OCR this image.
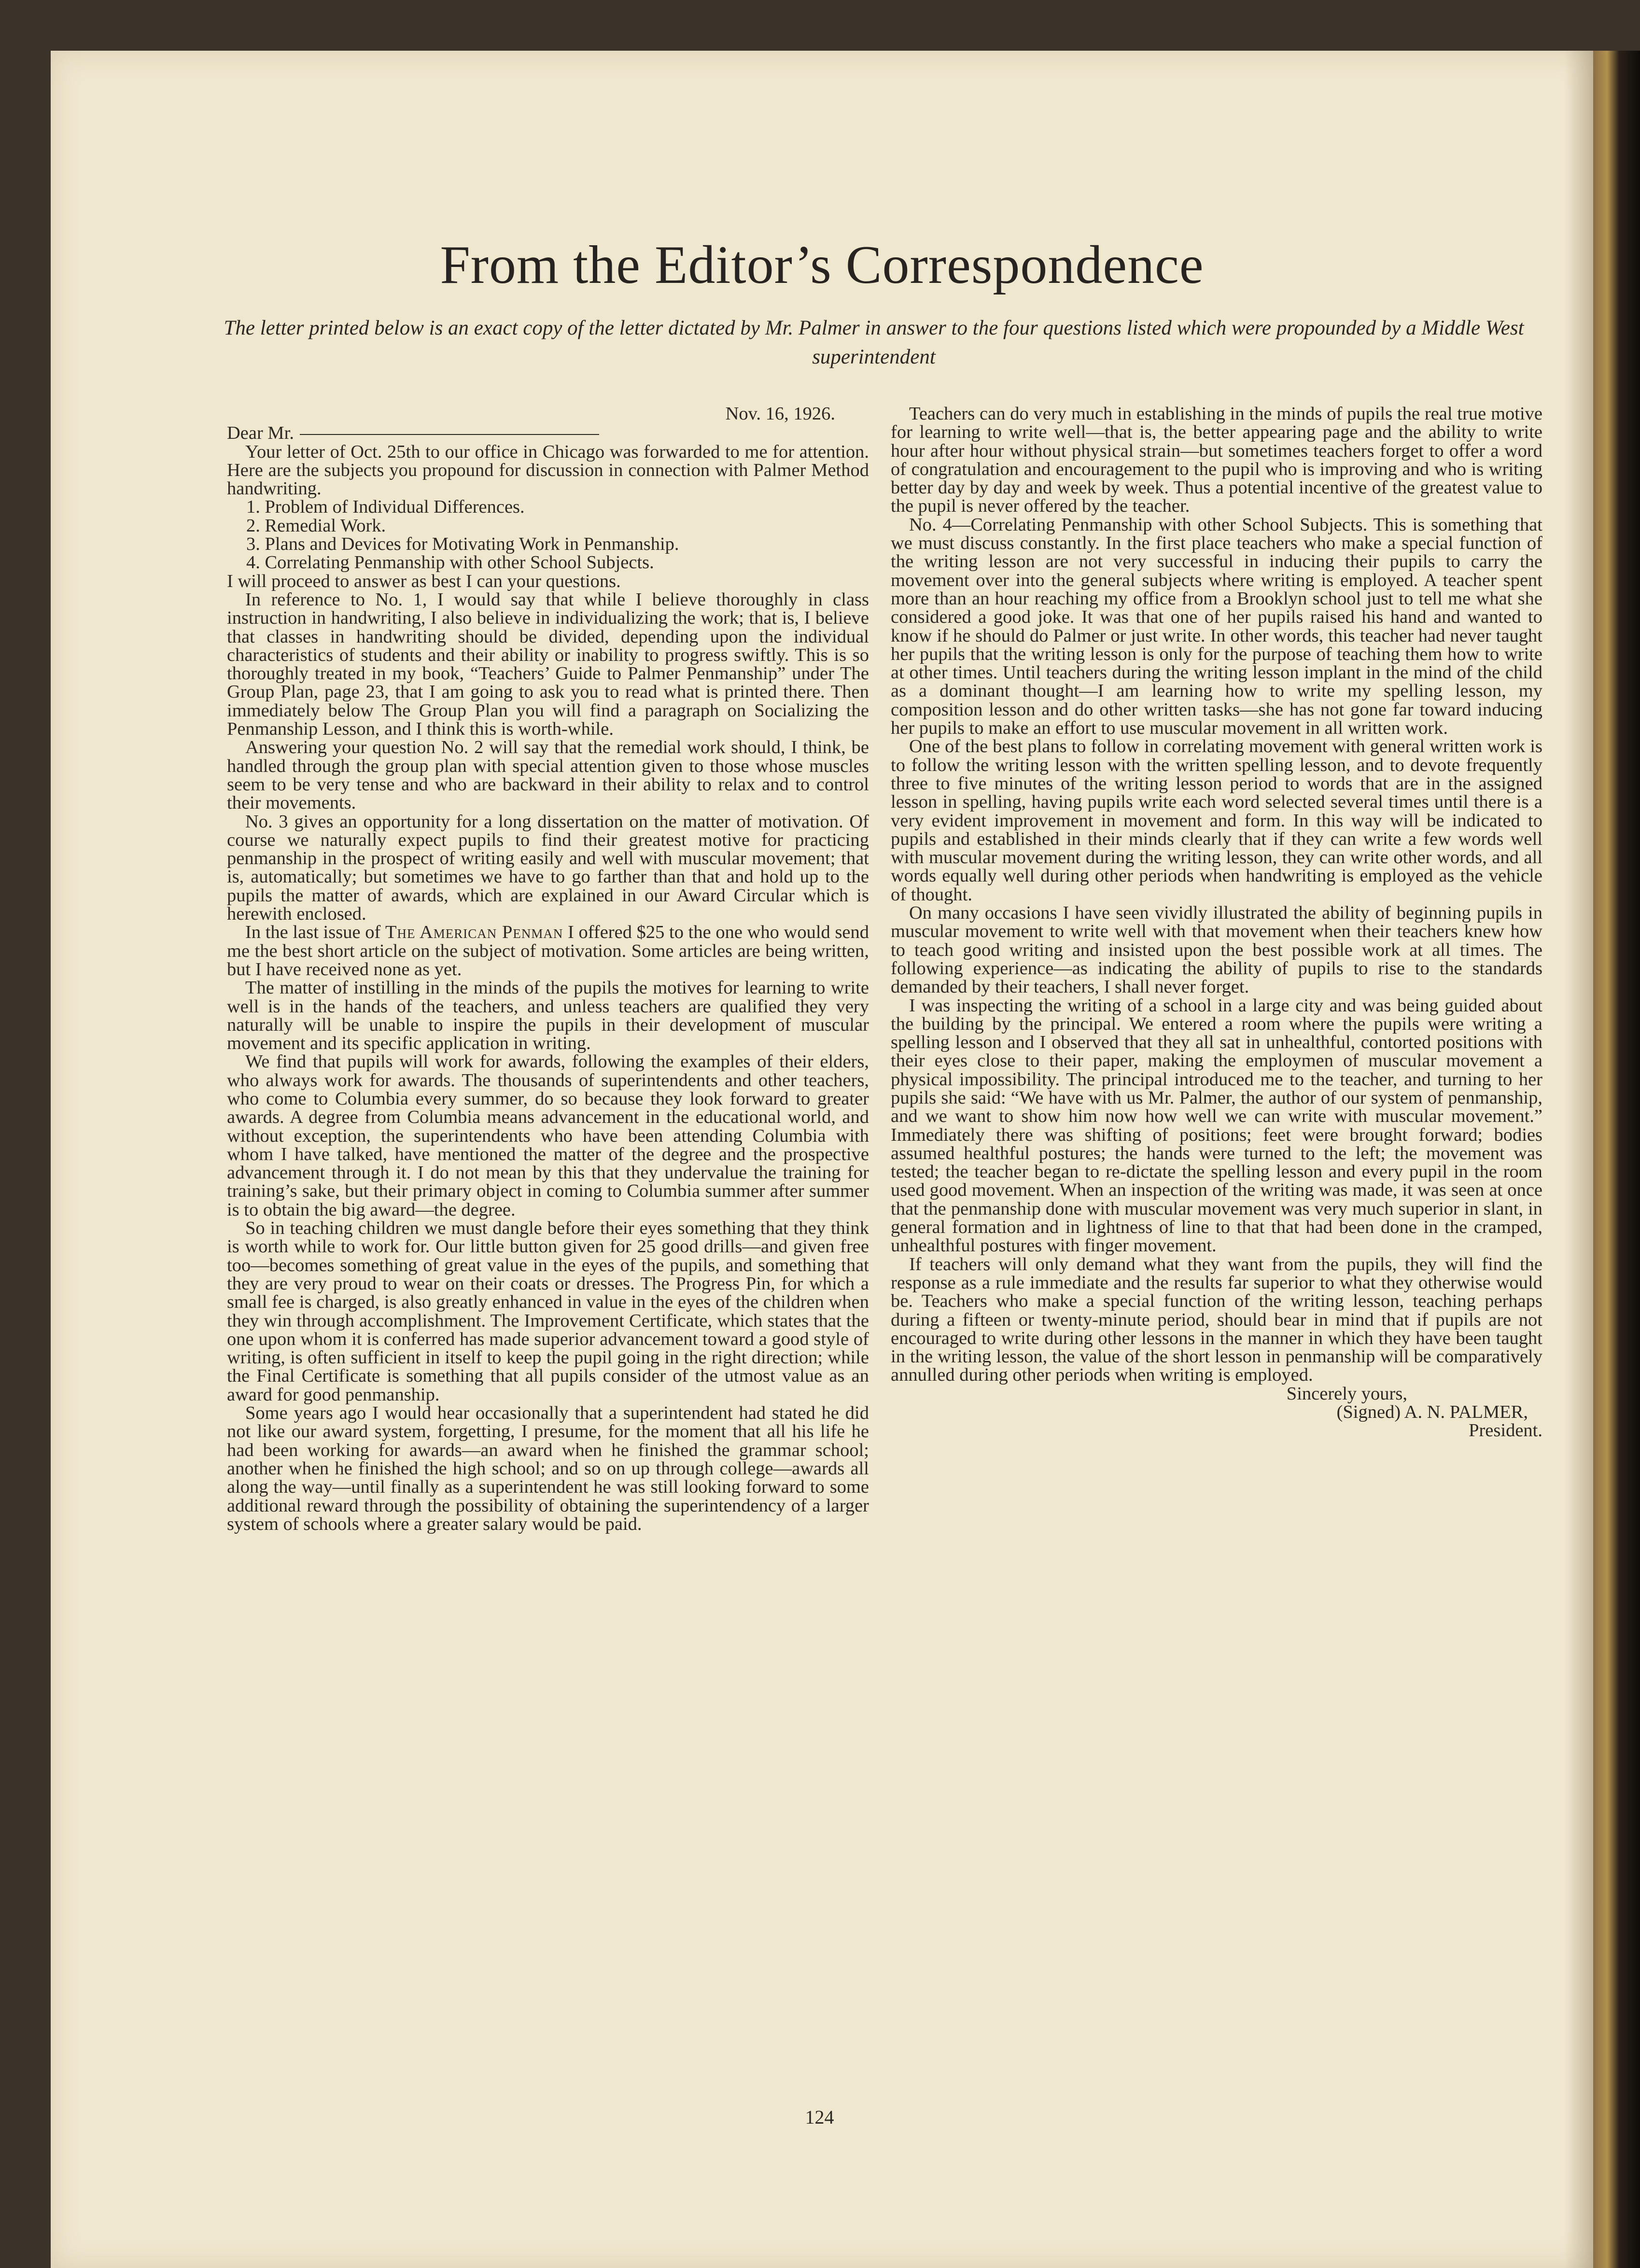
From the Editor’s Correspondence

The letter printed below is an exact copy of the letter dictated by Mr. Palmer in answer to the four questions listed which were propounded by a Middle West superintendent

Nov. 16, 1926.

Dear Mr.

Your letter of Oct. 25th to our office in Chicago was forwarded to me for attention. Here are the subjects you propound for discussion in connection with Palmer Method handwriting.

1. Problem of Individual Differences.

2. Remedial Work.

3. Plans and Devices for Motivating Work in Penmanship.

4. Correlating Penmanship with other School Subjects.

I will proceed to answer as best I can your questions.

In reference to No. 1, I would say that while I believe thoroughly in class instruction in handwriting, I also believe in individualizing the work; that is, I believe that classes in handwriting should be divided, depending upon the individual characteristics of students and their ability or inability to progress swiftly. This is so thoroughly treated in my book, “Teachers’ Guide to Palmer Penmanship” under The Group Plan, page 23, that I am going to ask you to read what is printed there. Then immediately below The Group Plan you will find a paragraph on Socializing the Penmanship Lesson, and I think this is worth-while.

Answering your question No. 2 will say that the remedial work should, I think, be handled through the group plan with special attention given to those whose muscles seem to be very tense and who are backward in their ability to relax and to control their movements.

No. 3 gives an opportunity for a long dissertation on the matter of motivation. Of course we naturally expect pupils to find their greatest motive for practicing penmanship in the prospect of writing easily and well with muscular movement; that is, automatically; but sometimes we have to go farther than that and hold up to the pupils the matter of awards, which are explained in our Award Circular which is herewith enclosed.

In the last issue of The American Penman I offered $25 to the one who would send me the best short article on the subject of motivation. Some articles are being written, but I have received none as yet.

The matter of instilling in the minds of the pupils the motives for learning to write well is in the hands of the teachers, and unless teachers are qualified they very naturally will be unable to inspire the pupils in their development of muscular movement and its specific application in writing.

We find that pupils will work for awards, following the examples of their elders, who always work for awards. The thousands of superintendents and other teachers, who come to Columbia every summer, do so because they look forward to greater awards. A degree from Columbia means advancement in the educational world, and without exception, the superintendents who have been attending Columbia with whom I have talked, have mentioned the matter of the degree and the prospective advancement through it. I do not mean by this that they undervalue the training for training’s sake, but their primary object in coming to Columbia summer after summer is to obtain the big award—the degree.

So in teaching children we must dangle before their eyes something that they think is worth while to work for. Our little button given for 25 good drills—and given free too—becomes something of great value in the eyes of the pupils, and something that they are very proud to wear on their coats or dresses. The Progress Pin, for which a small fee is charged, is also greatly enhanced in value in the eyes of the children when they win through accomplishment. The Improvement Certificate, which states that the one upon whom it is conferred has made superior advancement toward a good style of writing, is often sufficient in itself to keep the pupil going in the right direction; while the Final Certificate is something that all pupils consider of the utmost value as an award for good penmanship.

Some years ago I would hear occasionally that a superintendent had stated he did not like our award system, forgetting, I presume, for the moment that all his life he had been working for awards—an award when he finished the grammar school; another when he finished the high school; and so on up through college—awards all along the way—until finally as a superintendent he was still looking forward to some additional reward through the possibility of obtaining the superintendency of a larger system of schools where a greater salary would be paid.

Teachers can do very much in establishing in the minds of pupils the real true motive for learning to write well—that is, the better appearing page and the ability to write hour after hour without physical strain—but sometimes teachers forget to offer a word of congratulation and encouragement to the pupil who is improving and who is writing better day by day and week by week. Thus a potential incentive of the greatest value to the pupil is never offered by the teacher.

No. 4—Correlating Penmanship with other School Subjects. This is something that we must discuss constantly. In the first place teachers who make a special function of the writing lesson are not very successful in inducing their pupils to carry the movement over into the general subjects where writing is employed. A teacher spent more than an hour reaching my office from a Brooklyn school just to tell me what she considered a good joke. It was that one of her pupils raised his hand and wanted to know if he should do Palmer or just write. In other words, this teacher had never taught her pupils that the writing lesson is only for the purpose of teaching them how to write at other times. Until teachers during the writing lesson implant in the mind of the child as a dominant thought—I am learning how to write my spelling lesson, my composition lesson and do other written tasks—she has not gone far toward inducing her pupils to make an effort to use muscular movement in all written work.

One of the best plans to follow in correlating movement with general written work is to follow the writing lesson with the written spelling lesson, and to devote frequently three to five minutes of the writing lesson period to words that are in the assigned lesson in spelling, having pupils write each word selected several times until there is a very evident improvement in movement and form. In this way will be indicated to pupils and established in their minds clearly that if they can write a few words well with muscular movement during the writing lesson, they can write other words, and all words equally well during other periods when handwriting is employed as the vehicle of thought.

On many occasions I have seen vividly illustrated the ability of beginning pupils in muscular movement to write well with that movement when their teachers knew how to teach good writing and insisted upon the best possible work at all times. The following experience—as indicating the ability of pupils to rise to the standards demanded by their teachers, I shall never forget.

I was inspecting the writing of a school in a large city and was being guided about the building by the principal. We entered a room where the pupils were writing a spelling lesson and I observed that they all sat in unhealthful, contorted positions with their eyes close to their paper, making the employmen of muscular movement a physical impossibility. The principal introduced me to the teacher, and turning to her pupils she said: “We have with us Mr. Palmer, the author of our system of penmanship, and we want to show him now how well we can write with muscular movement.” Immediately there was shifting of positions; feet were brought forward; bodies assumed healthful postures; the hands were turned to the left; the movement was tested; the teacher began to re-dictate the spelling lesson and every pupil in the room used good movement. When an inspection of the writing was made, it was seen at once that the penmanship done with muscular movement was very much superior in slant, in general formation and in lightness of line to that that had been done in the cramped, unhealthful postures with finger movement.

If teachers will only demand what they want from the pupils, they will find the response as a rule immediate and the results far superior to what they otherwise would be. Teachers who make a special function of the writing lesson, teaching perhaps during a fifteen or twenty-minute period, should bear in mind that if pupils are not encouraged to write during other lessons in the manner in which they have been taught in the writing lesson, the value of the short lesson in penmanship will be comparatively annulled during other periods when writing is employed.

Sincerely yours,

(Signed) A. N. PALMER,

President.

124
